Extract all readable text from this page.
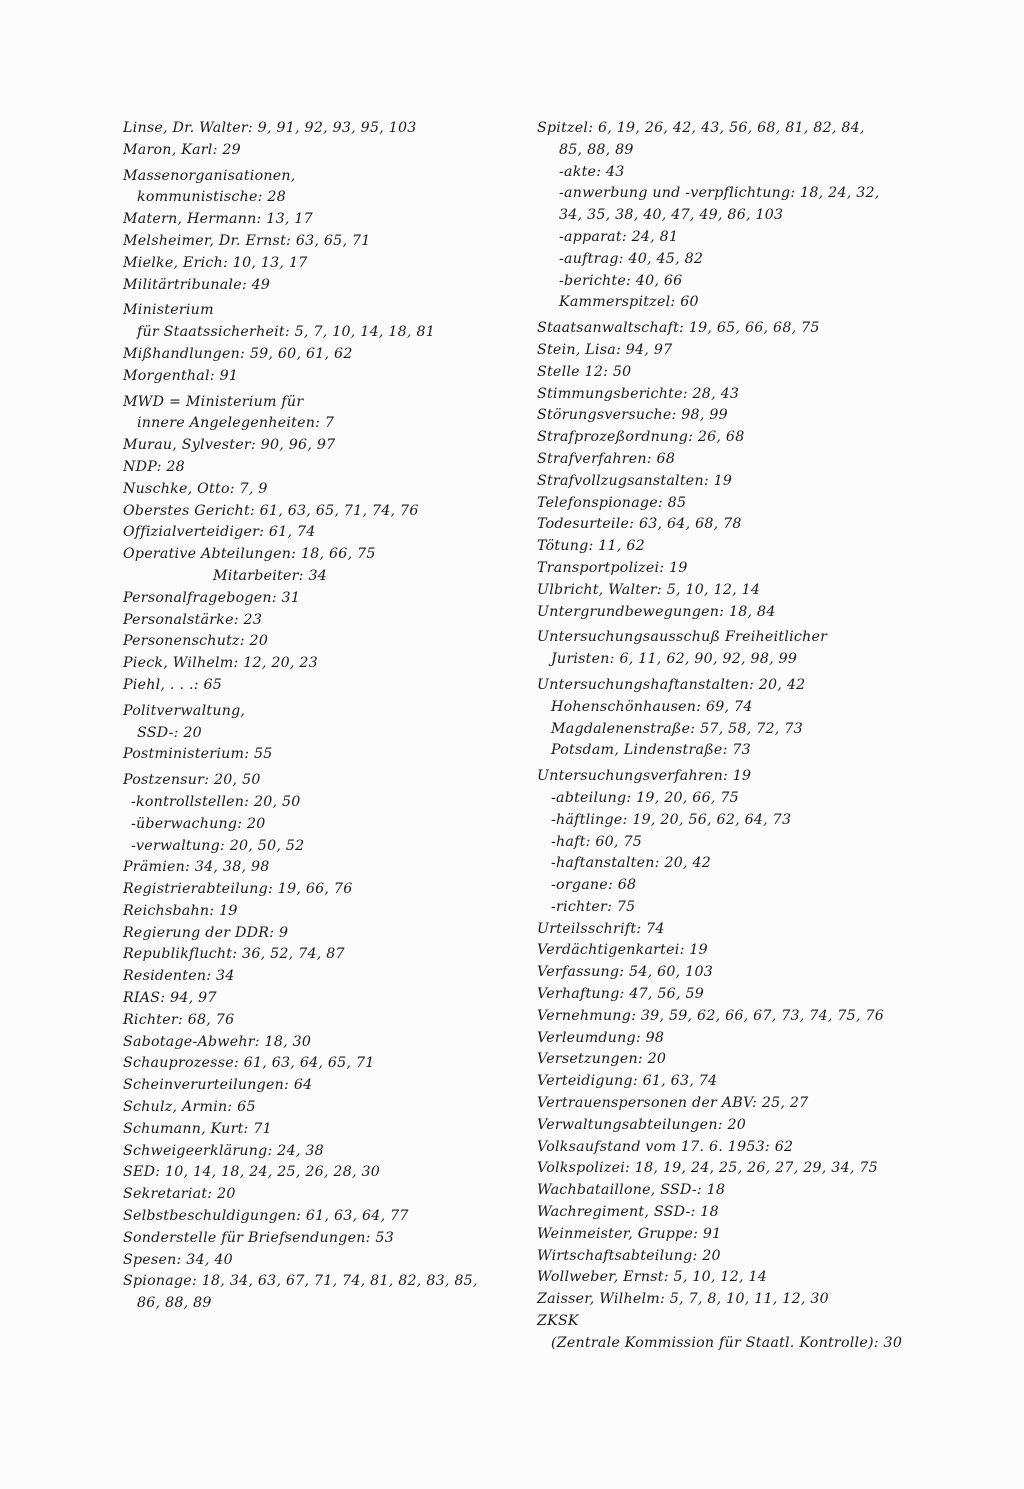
Linse, Dr. Walter: 9, 91, 92, 93, 95, 103
Maron, Karl: 29
Massenorganisationen,
kommunistische: 28
Matern, Hermann: 13, 17
Melsheimer, Dr. Ernst: 63, 65, 71
Mielke, Erich: 10, 13, 17
Militärtribunale: 49
Ministerium
für Staatssicherheit: 5, 7, 10, 14, 18, 81
Mißhandlungen: 59, 60, 61, 62
Morgenthal: 91
MWD = Ministerium für
innere Angelegenheiten: 7
Murau, Sylvester: 90, 96, 97
NDP: 28
Nuschke, Otto: 7, 9
Oberstes Gericht: 61, 63, 65, 71, 74, 76
Offizialverteidiger: 61, 74
Operative Abteilungen: 18, 66, 75
Mitarbeiter: 34
Personalfragebogen: 31
Personalstärke: 23
Personenschutz: 20
Pieck, Wilhelm: 12, 20, 23
Piehl, . . .: 65
Politverwaltung,
SSD-: 20
Postministerium: 55
Postzensur: 20, 50
-kontrollstellen: 20, 50
-überwachung: 20
-verwaltung: 20, 50, 52
Prämien: 34, 38, 98
Registrierabteilung: 19, 66, 76
Reichsbahn: 19
Regierung der DDR: 9
Republikflucht: 36, 52, 74, 87
Residenten: 34
RIAS: 94, 97
Richter: 68, 76
Sabotage-Abwehr: 18, 30
Schauprozesse: 61, 63, 64, 65, 71
Scheinverurteilungen: 64
Schulz, Armin: 65
Schumann, Kurt: 71
Schweigeerklärung: 24, 38
SED: 10, 14, 18, 24, 25, 26, 28, 30
Sekretariat: 20
Selbstbeschuldigungen: 61, 63, 64, 77
Sonderstelle für Briefsendungen: 53
Spesen: 34, 40
Spionage: 18, 34, 63, 67, 71, 74, 81, 82, 83, 85,
86, 88, 89
Spitzel: 6, 19, 26, 42, 43, 56, 68, 81, 82, 84,
85, 88, 89
-akte: 43
-anwerbung und -verpflichtung: 18, 24, 32,
34, 35, 38, 40, 47, 49, 86, 103
-apparat: 24, 81
-auftrag: 40, 45, 82
-berichte: 40, 66
Kammerspitzel: 60
Staatsanwaltschaft: 19, 65, 66, 68, 75
Stein, Lisa: 94, 97
Stelle 12: 50
Stimmungsberichte: 28, 43
Störungsversuche: 98, 99
Strafprozeßordnung: 26, 68
Strafverfahren: 68
Strafvollzugsanstalten: 19
Telefonspionage: 85
Todesurteile: 63, 64, 68, 78
Tötung: 11, 62
Transportpolizei: 19
Ulbricht, Walter: 5, 10, 12, 14
Untergrundbewegungen: 18, 84
Untersuchungsausschuß Freiheitlicher
Juristen: 6, 11, 62, 90, 92, 98, 99
Untersuchungshaftanstalten: 20, 42
Hohenschönhausen: 69, 74
Magdalenenstraße: 57, 58, 72, 73
Potsdam, Lindenstraße: 73
Untersuchungsverfahren: 19
-abteilung: 19, 20, 66, 75
-häftlinge: 19, 20, 56, 62, 64, 73
-haft: 60, 75
-haftanstalten: 20, 42
-organe: 68
-richter: 75
Urteilsschrift: 74
Verdächtigenkartei: 19
Verfassung: 54, 60, 103
Verhaftung: 47, 56, 59
Vernehmung: 39, 59, 62, 66, 67, 73, 74, 75, 76
Verleumdung: 98
Versetzungen: 20
Verteidigung: 61, 63, 74
Vertrauenspersonen der ABV: 25, 27
Verwaltungsabteilungen: 20
Volksaufstand vom 17. 6. 1953: 62
Volkspolizei: 18, 19, 24, 25, 26, 27, 29, 34, 75
Wachbataillone, SSD-: 18
Wachregiment, SSD-: 18
Weinmeister, Gruppe: 91
Wirtschaftsabteilung: 20
Wollweber, Ernst: 5, 10, 12, 14
Zaisser, Wilhelm: 5, 7, 8, 10, 11, 12, 30
ZKSK
(Zentrale Kommission für Staatl. Kontrolle): 30
